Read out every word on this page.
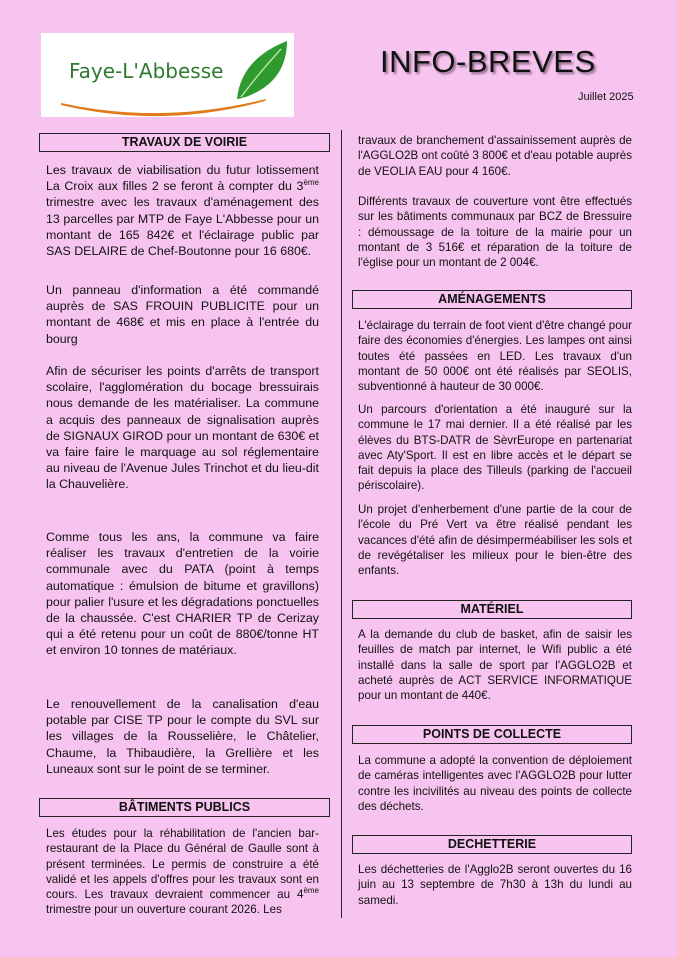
Faye-L'Abbesse	INFO-BREVES
Juillet 2025
TRAVAUX DE VOIRIE

Les travaux de viabilisation du futur lotissement La Croix aux filles 2 se feront à compter du 3ème trimestre avec les travaux d'aménagement des 13 parcelles par MTP de Faye L'Abbesse pour un montant de 165 842€ et l'éclairage public par SAS DELAIRE de Chef-Boutonne pour 16 680€.

Un panneau d'information a été commandé auprès de SAS FROUIN PUBLICITE pour un montant de 468€ et mis en place à l'entrée du bourg

Afin de sécuriser les points d'arrêts de transport scolaire, l'agglomération du bocage bressuirais nous demande de les matérialiser. La commune a acquis des panneaux de signalisation auprès de SIGNAUX GIROD pour un montant de 630€ et va faire faire le marquage au sol réglementaire au niveau de l'Avenue Jules Trinchot et du lieu-dit la Chauvelière.

Comme tous les ans, la commune va faire réaliser les travaux d'entretien de la voirie communale avec du PATA (point à temps automatique : émulsion de bitume et gravillons) pour palier l'usure et les dégradations ponctuelles de la chaussée. C'est CHARIER TP de Cerizay qui a été retenu pour un coût de 880€/tonne HT et environ 10 tonnes de matériaux.

Le renouvellement de la canalisation d'eau potable par CISE TP pour le compte du SVL sur les villages de la Rousselière, le Châtelier, Chaume, la Thibaudière, la Grellière et les Luneaux sont sur le point de se terminer.

BÂTIMENTS PUBLICS

Les études pour la réhabilitation de l'ancien bar-restaurant de la Place du Général de Gaulle sont à présent terminées. Le permis de construire a été validé et les appels d'offres pour les travaux sont en cours. Les travaux devraient commencer au 4ème trimestre pour un ouverture courant 2026. Les

travaux de branchement d'assainissement auprès de l'AGGLO2B ont coûté 3 800€ et d'eau potable auprès de VEOLIA EAU pour 4 160€.

Différents travaux de couverture vont être effectués sur les bâtiments communaux par BCZ de Bressuire : démoussage de la toiture de la mairie pour un montant de 3 516€ et réparation de la toiture de l'église pour un montant de 2 004€.

AMÉNAGEMENTS

L'éclairage du terrain de foot vient d'être changé pour faire des économies d'énergies. Les lampes ont ainsi toutes été passées en LED. Les travaux d'un montant de 50 000€ ont été réalisés par SEOLIS, subventionné à hauteur de 30 000€.

Un parcours d'orientation a été inauguré sur la commune le 17 mai dernier. Il a été réalisé par les élèves du BTS-DATR de SèvrEurope en partenariat avec Aty'Sport. Il est en libre accès et le départ se fait depuis la place des Tilleuls (parking de l'accueil périscolaire).

Un projet d'enherbement d'une partie de la cour de l'école du Pré Vert va être réalisé pendant les vacances d'été afin de désimperméabiliser les sols et de revégétaliser les milieux pour le bien-être des enfants.

MATÉRIEL

A la demande du club de basket, afin de saisir les feuilles de match par internet, le Wifi public a été installé dans la salle de sport par l'AGGLO2B et acheté auprès de ACT SERVICE INFORMATIQUE pour un montant de 440€.

POINTS DE COLLECTE

La commune a adopté la convention de déploiement de caméras intelligentes avec l'AGGLO2B pour lutter contre les incivilités au niveau des points de collecte des déchets.

DECHETTERIE

Les déchetteries de l'Agglo2B seront ouvertes du 16 juin au 13 septembre de 7h30 à 13h du lundi au samedi.
